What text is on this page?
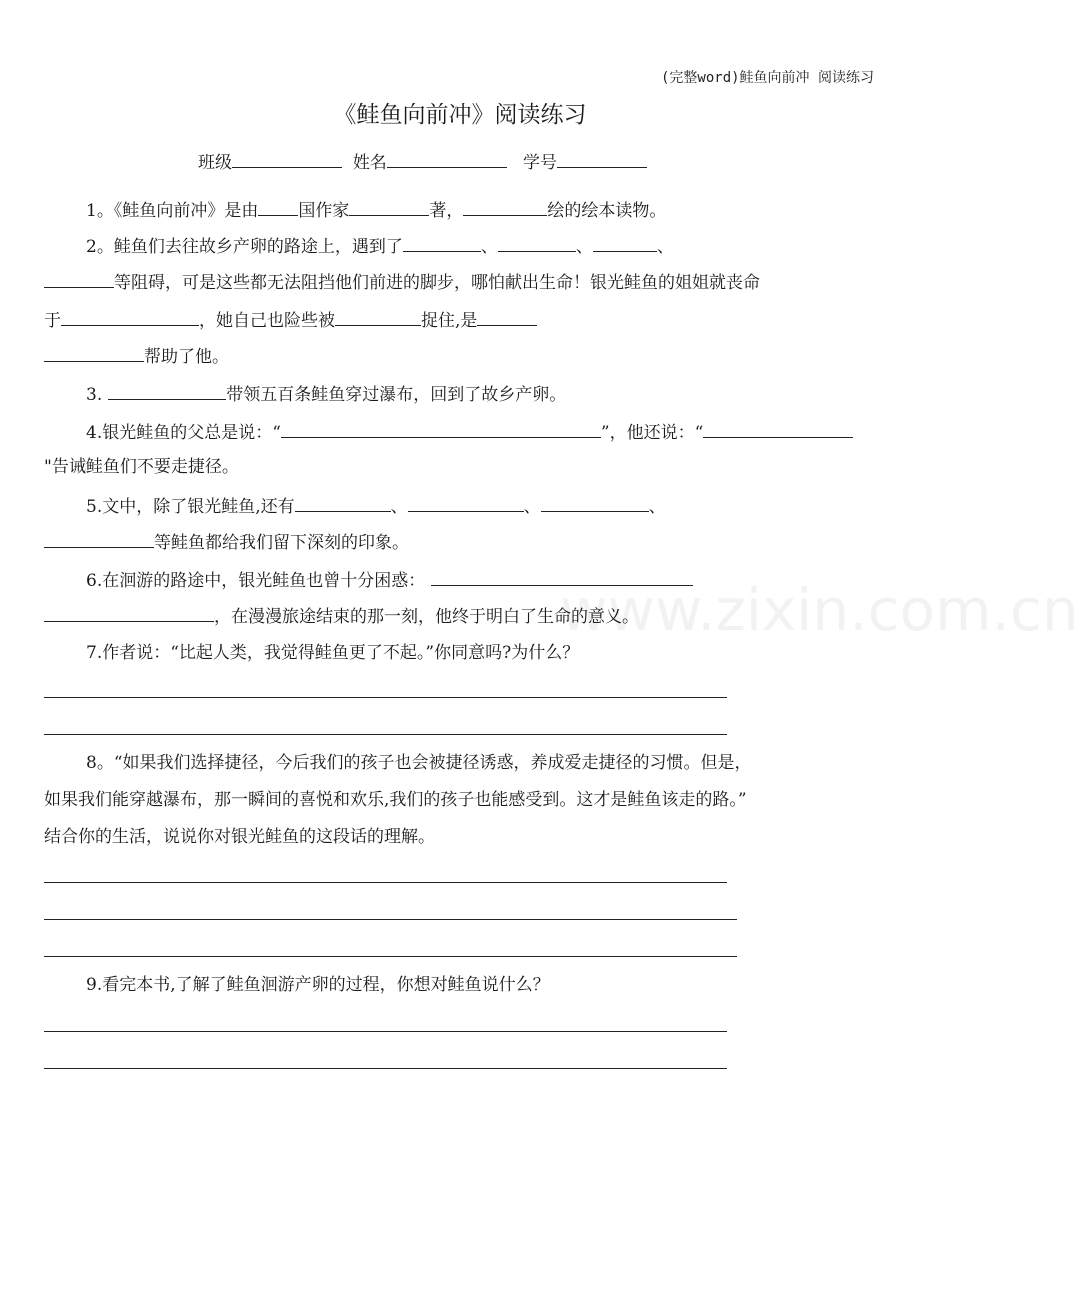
(完整word)鲑鱼向前冲 阅读练习
《鲑鱼向前冲》阅读练习
班级	姓名	学号
1。《鲑鱼向前冲》是由 国作家	著，	绘的绘本读物。
2。鲑鱼们去往故乡产卵的路途上，遇到了	、	、	、
等阻碍，可是这些都无法阻挡他们前进的脚步，哪怕献出生命！银光鲑鱼的姐姐就丧命
于	，她自己也险些被	捉住,是
帮助了他。
3.	带领五百条鲑鱼穿过瀑布，回到了故乡产卵。
4.银光鲑鱼的父总是说：“	”，他还说：“
"告诫鲑鱼们不要走捷径。
5.文中，除了银光鲑鱼,还有	、	、	、
等鲑鱼都给我们留下深刻的印象。
6.在洄游的路途中，银光鲑鱼也曾十分困惑：
，在漫漫旅途结束的那一刻，他终于明白了生命的意义。
www.zixin.com.cn
7.作者说：“比起人类，我觉得鲑鱼更了不起。”你同意吗?为什么？
8。“如果我们选择捷径，今后我们的孩子也会被捷径诱惑，养成爱走捷径的习惯。但是，
如果我们能穿越瀑布，那一瞬间的喜悦和欢乐,我们的孩子也能感受到。这才是鲑鱼该走的路。”
结合你的生活，说说你对银光鲑鱼的这段话的理解。
9.看完本书,了解了鲑鱼洄游产卵的过程，你想对鲑鱼说什么？
